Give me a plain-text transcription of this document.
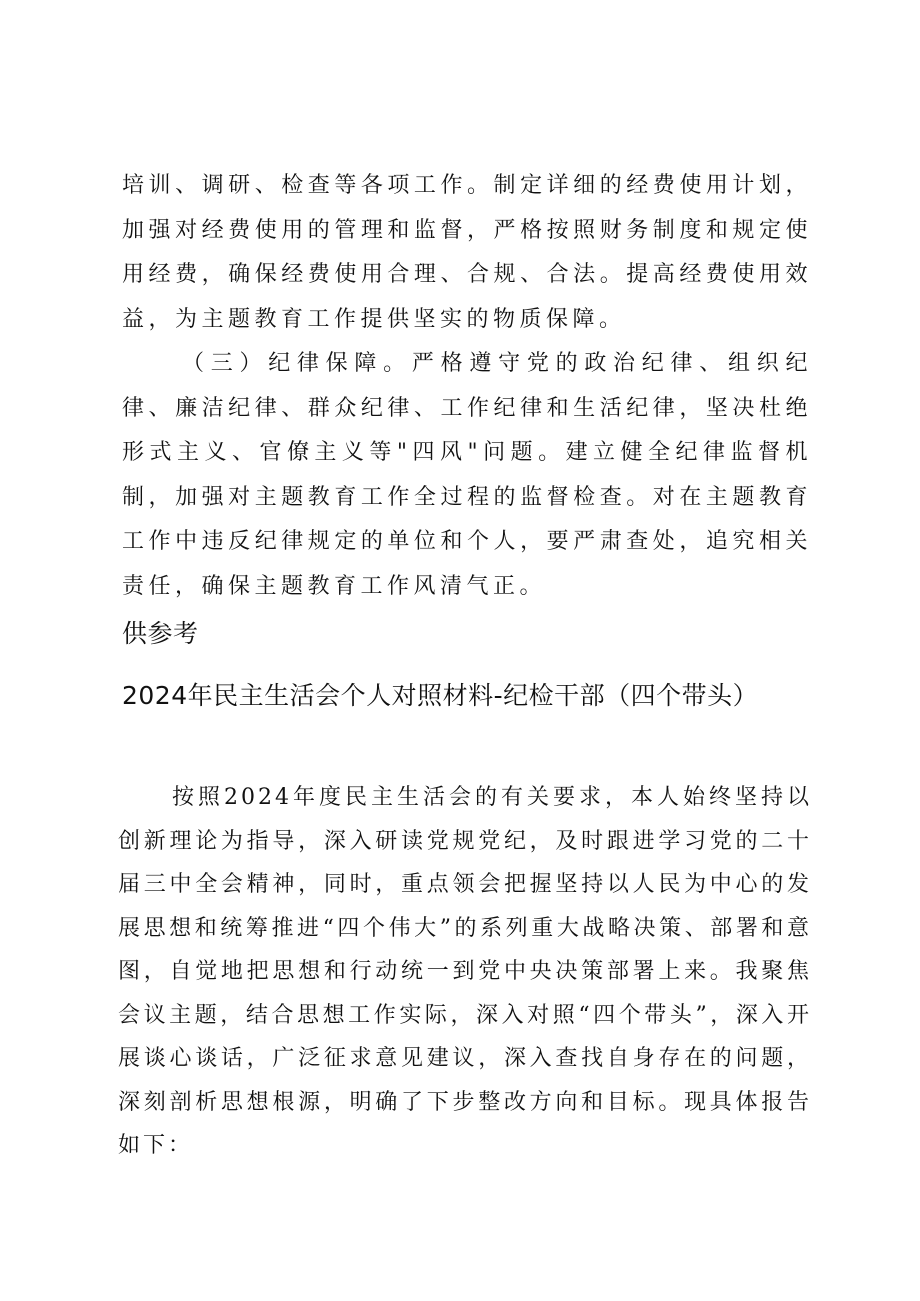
培训、调研、检查等各项工作。制定详细的经费使用计划，加强对经费使用的管理和监督，严格按照财务制度和规定使用经费，确保经费使用合理、合规、合法。提高经费使用效益，为主题教育工作提供坚实的物质保障。

（三）纪律保障。严格遵守党的政治纪律、组织纪律、廉洁纪律、群众纪律、工作纪律和生活纪律，坚决杜绝形式主义、官僚主义等"四风"问题。建立健全纪律监督机制，加强对主题教育工作全过程的监督检查。对在主题教育工作中违反纪律规定的单位和个人，要严肃查处，追究相关责任，确保主题教育工作风清气正。

供参考
2024年民主生活会个人对照材料-纪检干部（四个带头）

按照2024年度民主生活会的有关要求，本人始终坚持以创新理论为指导，深入研读党规党纪，及时跟进学习党的二十届三中全会精神，同时，重点领会把握坚持以人民为中心的发展思想和统筹推进“四个伟大”的系列重大战略决策、部署和意图，自觉地把思想和行动统一到党中央决策部署上来。我聚焦会议主题，结合思想工作实际，深入对照“四个带头”，深入开展谈心谈话，广泛征求意见建议，深入查找自身存在的问题，深刻剖析思想根源，明确了下步整改方向和目标。现具体报告如下：
